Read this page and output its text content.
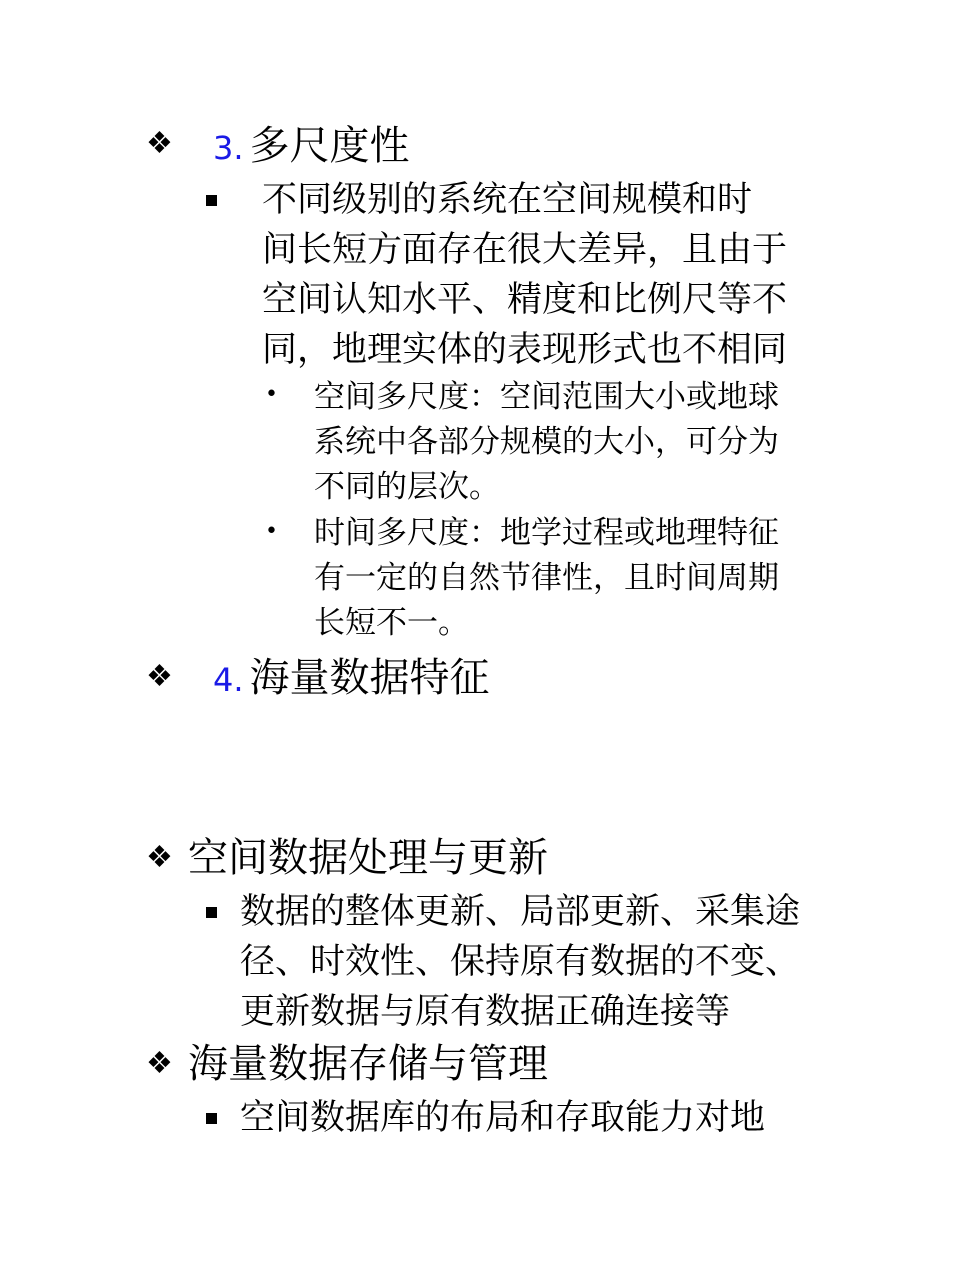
❖ 3. 多尺度性
不同级别的系统在空间规模和时
间长短方面存在很大差异，且由于
空间认知水平、精度和比例尺等不
同，地理实体的表现形式也不相同
• 空间多尺度：空间范围大小或地球
系统中各部分规模的大小，可分为
不同的层次。
• 时间多尺度：地学过程或地理特征
有一定的自然节律性，且时间周期
长短不一。
❖ 4. 海量数据特征
❖ 空间数据处理与更新
数据的整体更新、局部更新、采集途
径、时效性、保持原有数据的不变、
更新数据与原有数据正确连接等
❖ 海量数据存储与管理
空间数据库的布局和存取能力对地
